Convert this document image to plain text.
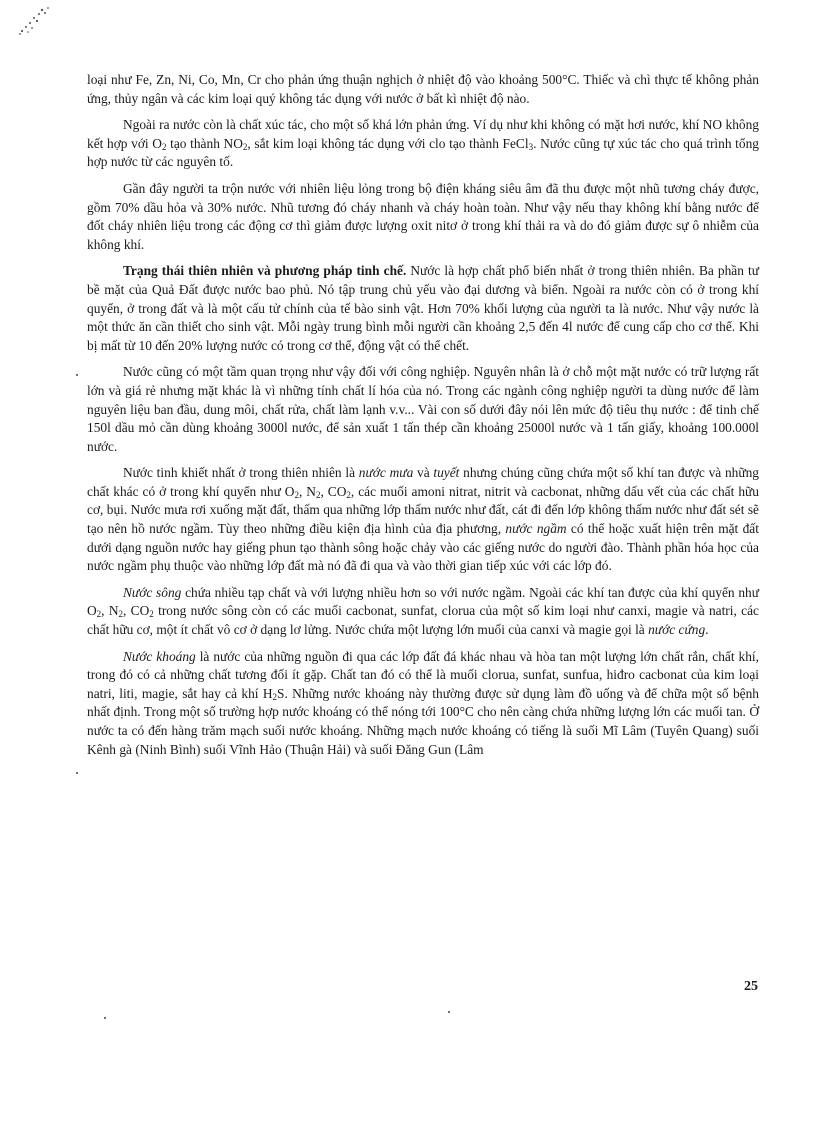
loại như Fe, Zn, Ni, Co, Mn, Cr cho phản ứng thuận nghịch ở nhiệt độ vào khoảng 500°C. Thiếc và chì thực tế không phản ứng, thủy ngân và các kim loại quý không tác dụng với nước ở bất kì nhiệt độ nào.

Ngoài ra nước còn là chất xúc tác, cho một số khá lớn phản ứng. Ví dụ như khi không có mặt hơi nước, khí NO không kết hợp với $O_2$ tạo thành $NO_2$, sắt kim loại không tác dụng với clo tạo thành FeCl$_3$. Nước cũng tự xúc tác cho quá trình tổng hợp nước từ các nguyên tố.

Gần đây người ta trộn nước với nhiên liệu lỏng trong bộ điện kháng siêu âm đã thu được một nhũ tương cháy được, gồm 70% dầu hỏa và 30% nước. Nhũ tương đó cháy nhanh và cháy hoàn toàn. Như vậy nếu thay không khí bằng nước để đốt cháy nhiên liệu trong các động cơ thì giảm được lượng oxit nitơ ở trong khí thải ra và do đó giảm được sự ô nhiễm của không khí.

Trạng thái thiên nhiên và phương pháp tinh chế. Nước là hợp chất phổ biến nhất ở trong thiên nhiên. Ba phần tư bề mặt của Quả Đất được nước bao phủ. Nó tập trung chủ yếu vào đại dương và biển. Ngoài ra nước còn có ở trong khí quyển, ở trong đất và là một cấu tử chính của tế bào sinh vật. Hơn 70% khối lượng của người ta là nước. Như vậy nước là một thức ăn cần thiết cho sinh vật. Mỗi ngày trung bình mỗi người cần khoảng 2,5 đến 4l nước để cung cấp cho cơ thể. Khi bị mất từ 10 đến 20% lượng nước có trong cơ thể, động vật có thể chết.

Nước cũng có một tầm quan trọng như vậy đối với công nghiệp. Nguyên nhân là ở chỗ một mặt nước có trữ lượng rất lớn và giá rẻ nhưng mặt khác là vì những tính chất lí hóa của nó. Trong các ngành công nghiệp người ta dùng nước để làm nguyên liệu ban đầu, dung môi, chất rửa, chất làm lạnh v.v... Vài con số dưới đây nói lên mức độ tiêu thụ nước : để tinh chế 150l dầu mỏ cần dùng khoảng 3000l nước, để sản xuất 1 tấn thép cần khoảng 25000l nước và 1 tấn giấy, khoảng 100.000l nước.

Nước tinh khiết nhất ở trong thiên nhiên là nước mưa và tuyết nhưng chúng cũng chứa một số khí tan được và những chất khác có ở trong khí quyển như $O_2$, $N_2$, $CO_2$, các muối amoni nitrat, nitrit và cacbonat, những dấu vết của các chất hữu cơ, bụi. Nước mưa rơi xuống mặt đất, thấm qua những lớp thấm nước như đất, cát đi đến lớp không thấm nước như đất sét sẽ tạo nên hồ nước ngầm. Tùy theo những điều kiện địa hình của địa phương, nước ngầm có thể hoặc xuất hiện trên mặt đất dưới dạng nguồn nước hay giếng phun tạo thành sông hoặc chảy vào các giếng nước do người đào. Thành phần hóa học của nước ngầm phụ thuộc vào những lớp đất mà nó đã đi qua và vào thời gian tiếp xúc với các lớp đó.

Nước sông chứa nhiều tạp chất và với lượng nhiều hơn so với nước ngầm. Ngoài các khí tan được của khí quyển như $O_2$, $N_2$, $CO_2$ trong nước sông còn có các muối cacbonat, sunfat, clorua của một số kim loại như canxi, magie và natri, các chất hữu cơ, một ít chất vô cơ ở dạng lơ lửng. Nước chứa một lượng lớn muối của canxi và magie gọi là nước cứng.

Nước khoáng là nước của những nguồn đi qua các lớp đất đá khác nhau và hòa tan một lượng lớn chất rắn, chất khí, trong đó có cả những chất tương đối ít gặp. Chất tan đó có thể là muối clorua, sunfat, sunfua, hiđro cacbonat của kim loại natri, liti, magie, sắt hay cả khí $H_2S$. Những nước khoáng này thường được sử dụng làm đồ uống và để chữa một số bệnh nhất định. Trong một số trường hợp nước khoáng có thể nóng tới 100°C cho nên càng chứa những lượng lớn các muối tan. Ở nước ta có đến hàng trăm mạch suối nước khoáng. Những mạch nước khoáng có tiếng là suối Mĩ Lâm (Tuyên Quang) suối Kênh gà (Ninh Bình) suối Vĩnh Hảo (Thuận Hải) và suối Đăng Gun (Lâm

25
